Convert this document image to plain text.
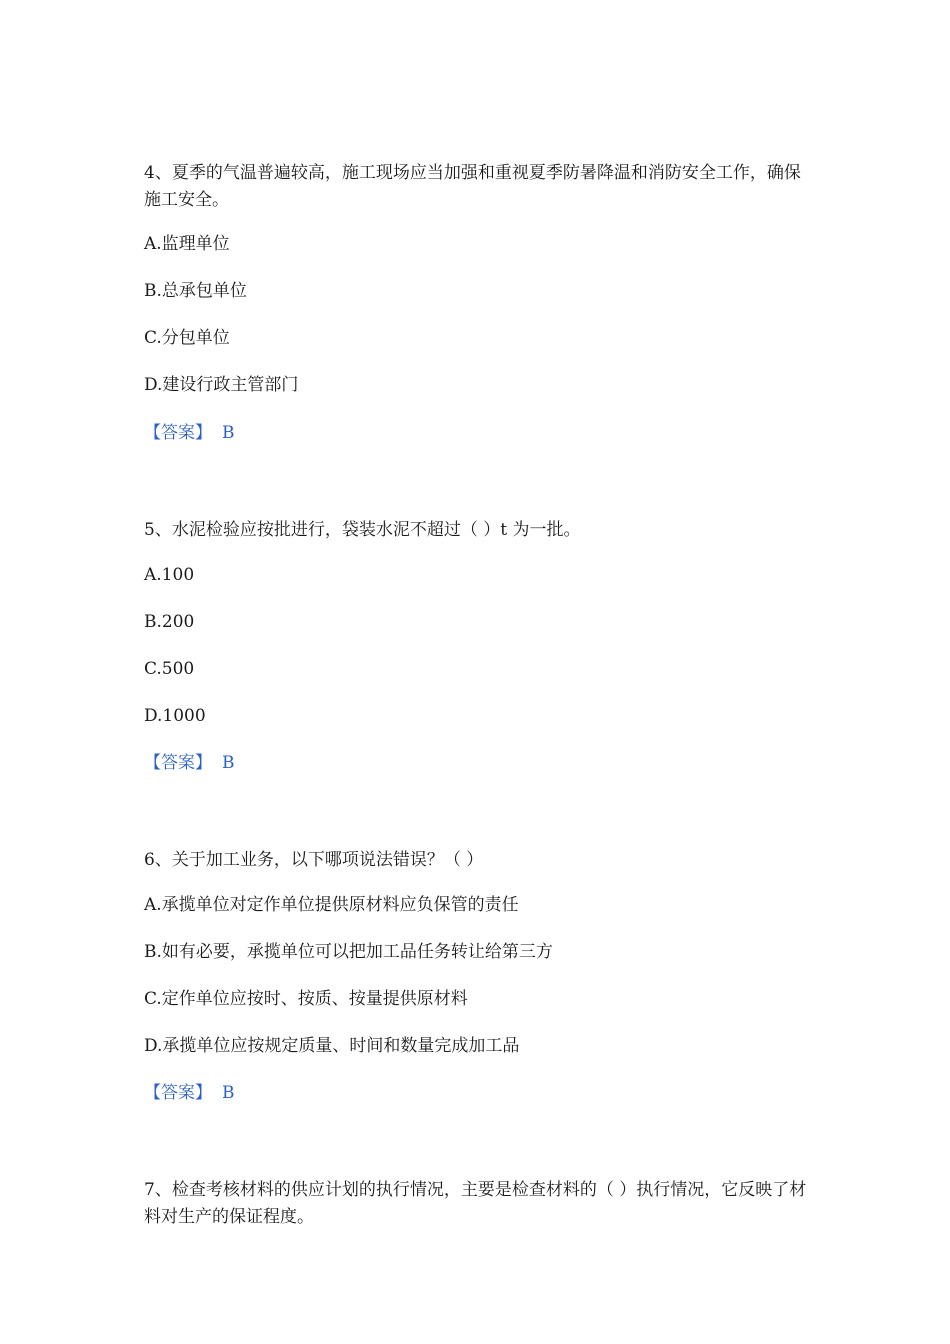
4、夏季的气温普遍较高，施工现场应当加强和重视夏季防暑降温和消防安全工作，确保施工安全。

A.监理单位
B.总承包单位
C.分包单位
D.建设行政主管部门
【答案】 B

5、水泥检验应按批进行，袋装水泥不超过（ ）t 为一批。

A.100
B.200
C.500
D.1000
【答案】 B

6、关于加工业务，以下哪项说法错误？（ ）

A.承揽单位对定作单位提供原材料应负保管的责任
B.如有必要，承揽单位可以把加工品任务转让给第三方
C.定作单位应按时、按质、按量提供原材料
D.承揽单位应按规定质量、时间和数量完成加工品
【答案】 B

7、检查考核材料的供应计划的执行情况，主要是检查材料的（ ）执行情况，它反映了材料对生产的保证程度。
